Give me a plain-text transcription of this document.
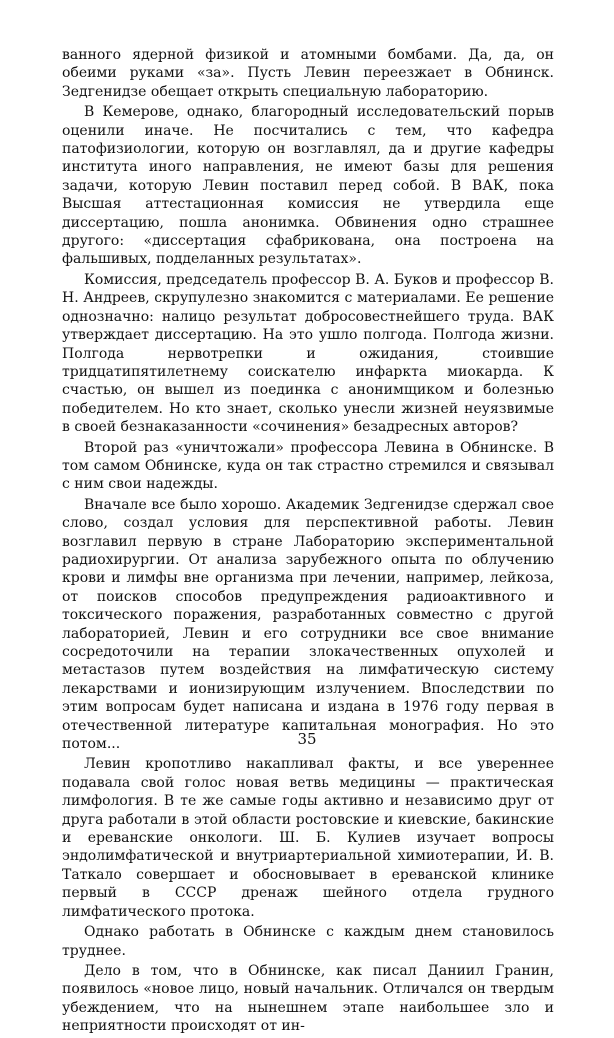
ванного ядерной физикой и атомными бомбами. Да, да, он обеими руками «за». Пусть Левин переезжает в Обнинск. Зедгенидзе обещает открыть специальную лабораторию.

В Кемерове, однако, благородный исследовательский порыв оценили иначе. Не посчитались с тем, что кафедра патофизиологии, которую он возглавлял, да и другие кафедры института иного направления, не имеют базы для решения задачи, которую Левин поставил перед собой. В ВАК, пока Высшая аттестационная комиссия не утвердила еще диссертацию, пошла анонимка. Обвинения одно страшнее другого: «диссертация сфабрикована, она построена на фальшивых, подделанных результатах».

Комиссия, председатель профессор В. А. Буков и профессор В. Н. Андреев, скрупулезно знакомится с материалами. Ее решение однозначно: налицо результат добросовестнейшего труда. ВАК утверждает диссертацию. На это ушло полгода. Полгода жизни. Полгода нервотрепки и ожидания, стоившие тридцатипятилетнему соискателю инфаркта миокарда. К счастью, он вышел из поединка с анонимщиком и болезнью победителем. Но кто знает, сколько унесли жизней неуязвимые в своей безнаказанности «сочинения» безадресных авторов?

Второй раз «уничтожали» профессора Левина в Обнинске. В том самом Обнинске, куда он так страстно стремился и связывал с ним свои надежды.

Вначале все было хорошо. Академик Зедгенидзе сдержал свое слово, создал условия для перспективной работы. Левин возглавил первую в стране Лабораторию экспериментальной радиохирургии. От анализа зарубежного опыта по облучению крови и лимфы вне организма при лечении, например, лейкоза, от поисков способов предупреждения радиоактивного и токсического поражения, разработанных совместно с другой лабораторией, Левин и его сотрудники все свое внимание сосредоточили на терапии злокачественных опухолей и метастазов путем воздействия на лимфатическую систему лекарствами и ионизирующим излучением. Впоследствии по этим вопросам будет написана и издана в 1976 году первая в отечественной литературе капитальная монография. Но это потом...

Левин кропотливо накапливал факты, и все увереннее подавала свой голос новая ветвь медицины — практическая лимфология. В те же самые годы активно и независимо друг от друга работали в этой области ростовские и киевские, бакинские и ереванские онкологи. Ш. Б. Кулиев изучает вопросы эндолимфатической и внутриартериальной химиотерапии, И. В. Таткало совершает и обосновывает в ереванской клинике первый в СССР дренаж шейного отдела грудного лимфатического протока.

Однако работать в Обнинске с каждым днем становилось труднее.

Дело в том, что в Обнинске, как писал Даниил Гранин, появилось «новое лицо, новый начальник. Отличался он твердым убеждением, что на нынешнем этапе наибольшее зло и неприятности происходят от ин-

35
